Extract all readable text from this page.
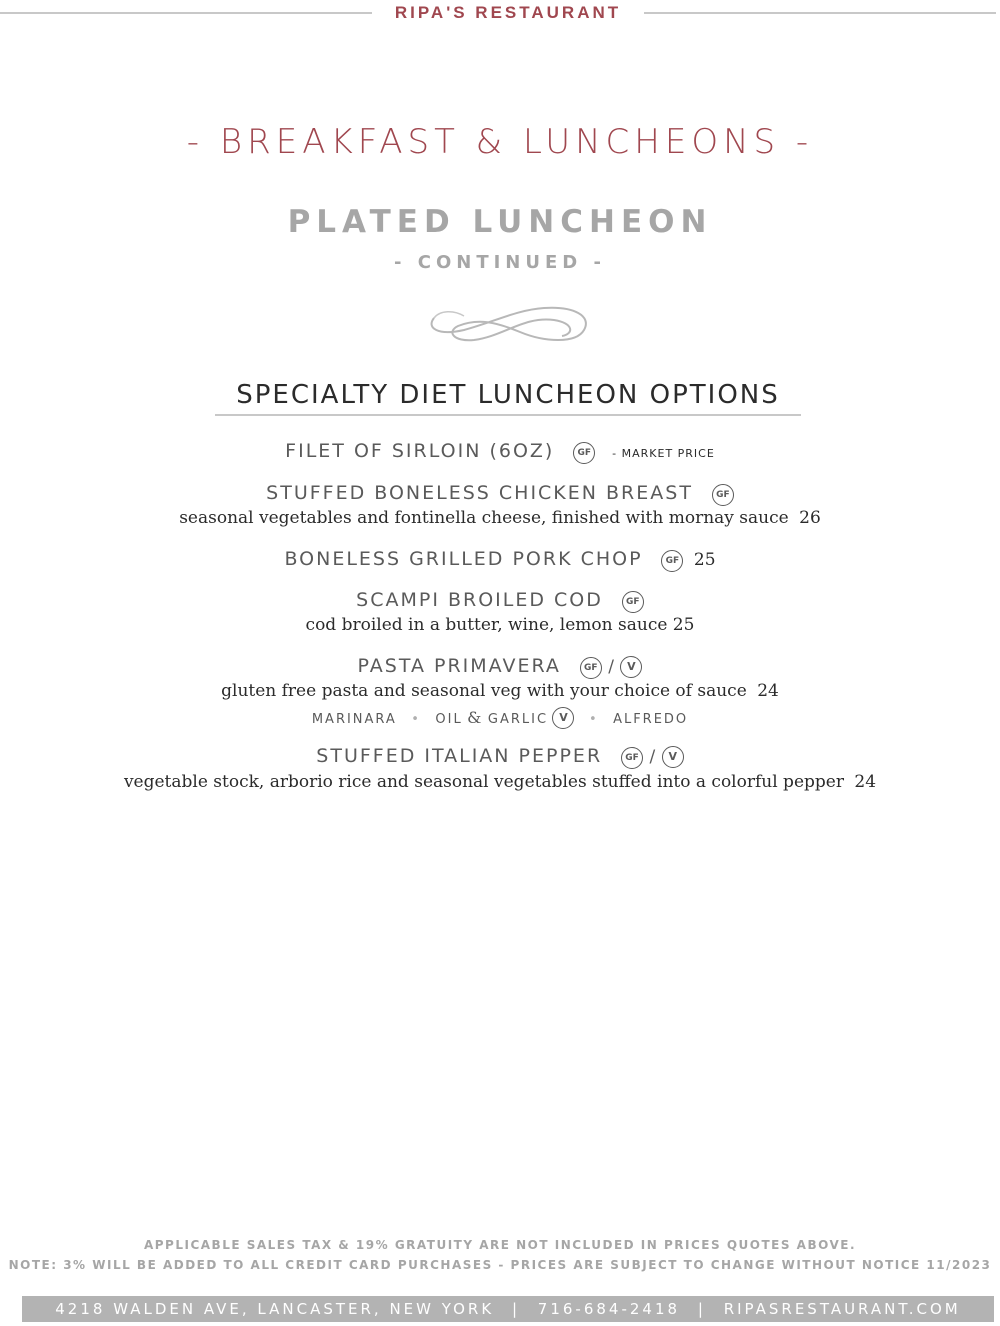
RIPA'S RESTAURANT
- BREAKFAST & LUNCHEONS -
PLATED LUNCHEON
- CONTINUED -
SPECIALTY DIET LUNCHEON OPTIONS
FILET OF SIRLOIN (6OZ)	GF - MARKET PRICE
STUFFED BONELESS CHICKEN BREAST	GF
seasonal vegetables and fontinella cheese, finished with mornay sauce 26
BONELESS GRILLED PORK CHOP	GF 25
SCAMPI BROILED COD	GF
cod broiled in a butter, wine, lemon sauce 25
PASTA PRIMAVERA	GF / V
gluten free pasta and seasonal veg with your choice of sauce 24
MARINARA • OIL & GARLIC V • ALFREDO
STUFFED ITALIAN PEPPER	GF / V
vegetable stock, arborio rice and seasonal vegetables stuffed into a colorful pepper 24
APPLICABLE SALES TAX & 19% GRATUITY ARE NOT INCLUDED IN PRICES QUOTES ABOVE.
NOTE: 3% WILL BE ADDED TO ALL CREDIT CARD PURCHASES - PRICES ARE SUBJECT TO CHANGE WITHOUT NOTICE 11/2023
4218 WALDEN AVE, LANCASTER, NEW YORK | 716-684-2418 | RIPASRESTAURANT.COM
